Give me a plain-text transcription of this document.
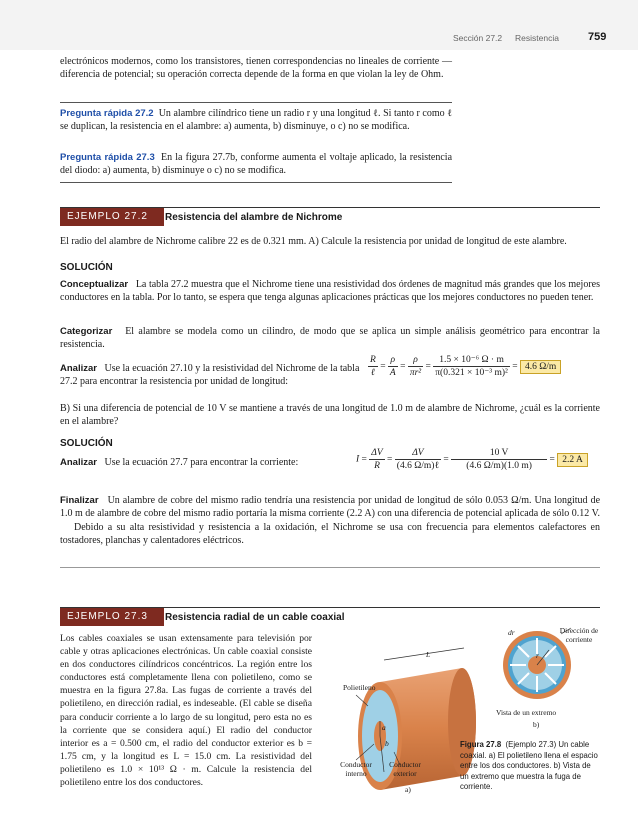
Sección 27.2 Resistencia	759

electrónicos modernos, como los transistores, tienen correspondencias no lineales de corriente —diferencia de potencial; su operación correcta depende de la forma en que violan la ley de Ohm.

Pregunta rápida 27.2 Un alambre cilíndrico tiene un radio r y una longitud ℓ. Si tanto r como ℓ se duplican, la resistencia en el alambre: a) aumenta, b) disminuye, o c) no se modifica.

Pregunta rápida 27.3 En la figura 27.7b, conforme aumenta el voltaje aplicado, la resistencia del diodo: a) aumenta, b) disminuye o c) no se modifica.

EJEMPLO 27.2	Resistencia del alambre de Nichrome

El radio del alambre de Nichrome calibre 22 es de 0.321 mm. A) Calcule la resistencia por unidad de longitud de este alambre.

SOLUCIÓN

Conceptualizar La tabla 27.2 muestra que el Nichrome tiene una resistividad dos órdenes de magnitud más grandes que los mejores conductores en la tabla. Por lo tanto, se espera que tenga algunas aplicaciones prácticas que los mejores conductores no pueden tener.

Categorizar El alambre se modela como un cilindro, de modo que se aplica un simple análisis geométrico para encontrar la resistencia.

Analizar Use la ecuación 27.10 y la resistividad del Nichrome de la tabla 27.2 para encontrar la resistencia por unidad de longitud:

$\frac{R}{\text{ℓ}} = \frac{\rho}{A} = \frac{\rho}{\text{πr²}} = \frac{\text{1.5 × 10⁻⁶ Ω · m}}{\text{π(0.321 × 10⁻³ m)²}} = 4.6$ Ω/m

B) Si una diferencia de potencial de 10 V se mantiene a través de una longitud de 1.0 m de alambre de Nichrome, ¿cuál es la corriente en el alambre?

SOLUCIÓN

Analizar Use la ecuación 27.7 para encontrar la corriente:	$I = \frac{\Delta V}{R} = \frac{\Delta V}{\text{(4.6 Ω/m)ℓ}} = \frac{10 V}{(4.6 \Omega/m)(1.0 m)} = 2.2$ A

Finalizar Un alambre de cobre del mismo radio tendría una resistencia por unidad de longitud de sólo 0.053 Ω/m. Una longitud de 1.0 m de alambre de cobre del mismo radio portaría la misma corriente (2.2 A) con una diferencia de potencial aplicada de sólo 0.12 V.

Debido a su alta resistividad y resistencia a la oxidación, el Nichrome se usa con frecuencia para elementos calefactores en tostadores, planchas y calentadores eléctricos.

EJEMPLO 27.3	Resistencia radial de un cable coaxial

Los cables coaxiales se usan extensamente para televisión por cable y otras aplicaciones electrónicas. Un cable coaxial consiste en dos conductores cilíndricos concéntricos. La región entre los conductores está completamente llena con polietileno, como se muestra en la figura 27.8a. Las fugas de corriente a través del polietileno, en dirección radial, es indeseable. (El cable se diseña para conducir corriente a lo largo de su longitud, pero esta no es la corriente que se considera aquí.) El radio del conductor interior es a = 0.500 cm, el radio del conductor exterior es b = 1.75 cm, y la longitud es L = 15.0 cm. La resistividad del polietileno es 1.0 × 10¹³ Ω · m. Calcule la resistencia del polietileno entre los dos conductores.

Polietileno
L
a
b
Conductor interno
Conductor exterior
a)
dr
r
Dirección de corriente
Vista de un extremo
b)
Figura 27.8 (Ejemplo 27.3) Un cable coaxial. a) El polietileno llena el espacio entre los dos conductores. b) Vista de un extremo que muestra la fuga de corriente.
